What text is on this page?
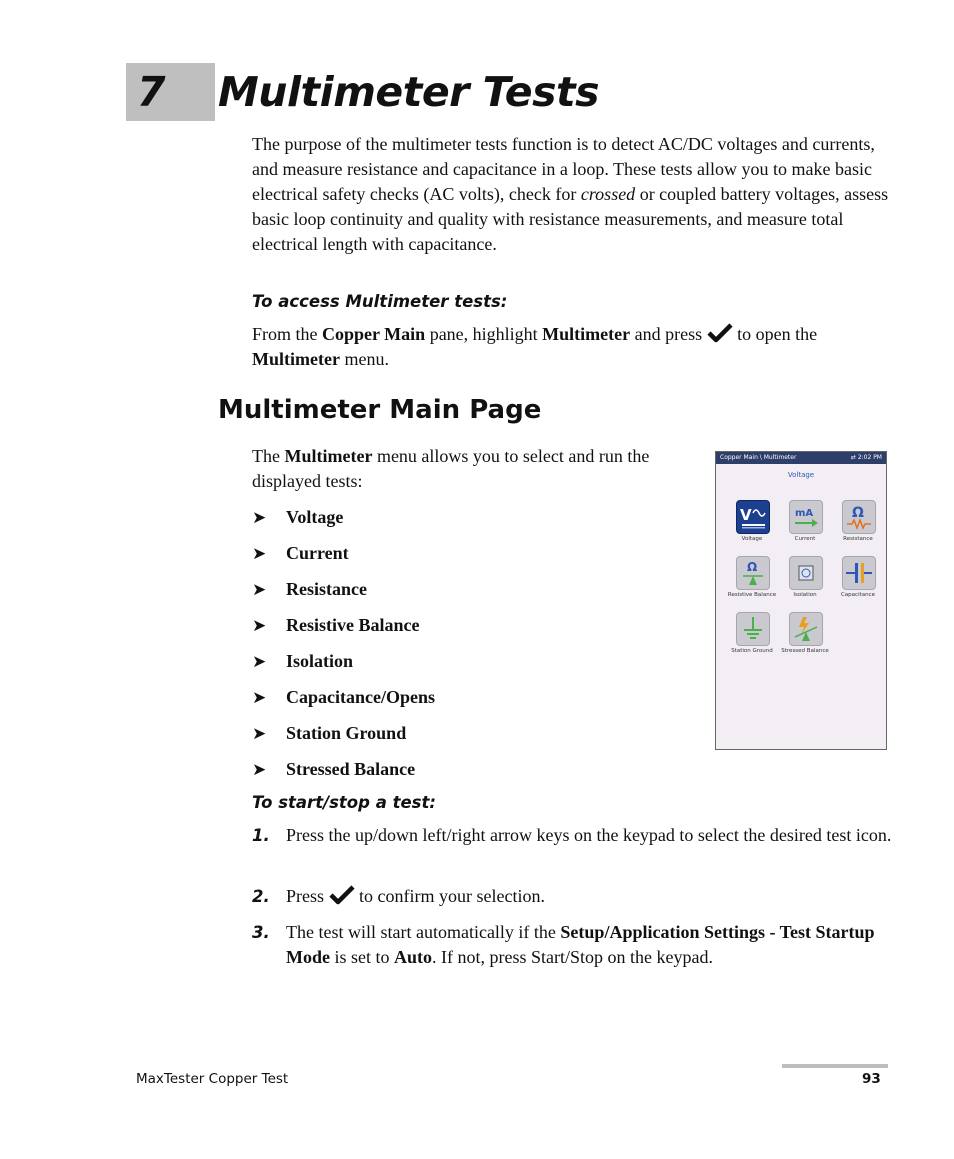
7 Multimeter Tests

The purpose of the multimeter tests function is to detect AC/DC voltages and currents, and measure resistance and capacitance in a loop. These tests allow you to make basic electrical safety checks (AC volts), check for crossed or coupled battery voltages, assess basic loop continuity and quality with resistance measurements, and measure total electrical length with capacitance.

To access Multimeter tests:

From the Copper Main pane, highlight Multimeter and press  to open the Multimeter menu.

Multimeter Main Page

The Multimeter menu allows you to select and run the displayed tests:

➤ Voltage
➤ Current
➤ Resistance
➤ Resistive Balance
➤ Isolation
➤ Capacitance/Opens
➤ Station Ground
➤ Stressed Balance
Copper Main \ Multimeter	⇄ 2:02 PM
Voltage
V
Voltage
mA
Current
Ω
Resistance
Ω
Resistive Balance	Isolation	Capacitance
Station Ground	Stressed Balance
To start/stop a test:
1. Press the up/down left/right arrow keys on the keypad to select the desired test icon.
2. Press  to confirm your selection.
3. The test will start automatically if the Setup/Application Settings - Test Startup Mode is set to Auto. If not, press Start/Stop on the keypad.
MaxTester Copper Test	93
